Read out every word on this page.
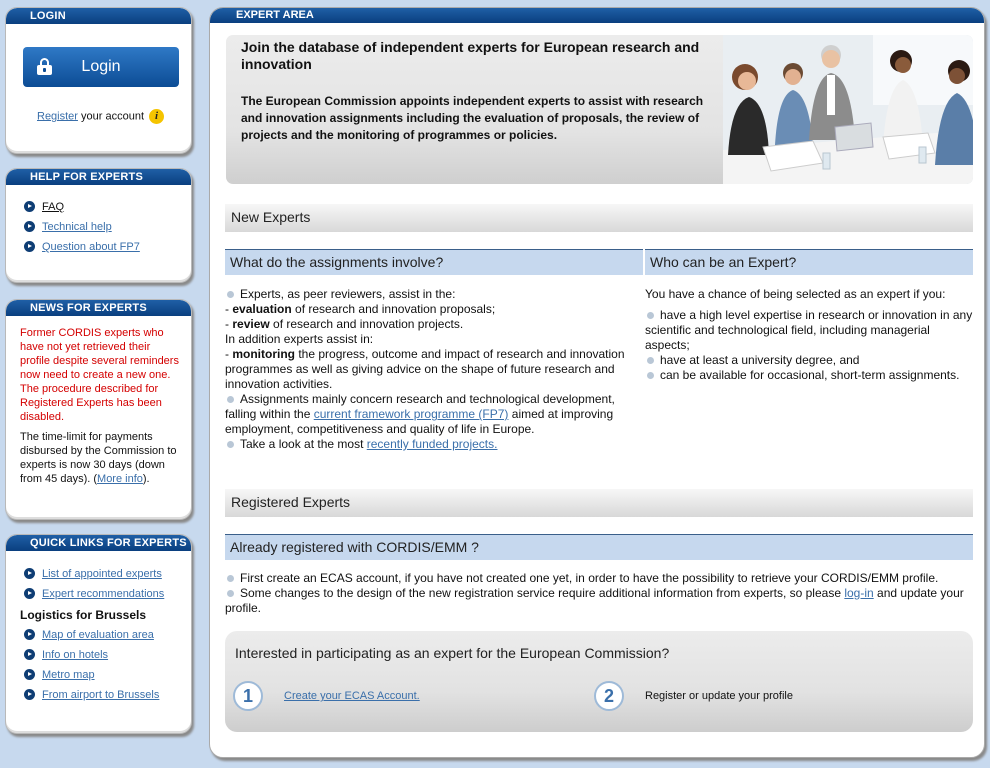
LOGIN
Login
Register your account i
HELP FOR EXPERTS
FAQ
Technical help
Question about FP7
NEWS FOR EXPERTS
Former CORDIS experts who have not yet retrieved their profile despite several reminders now need to create a new one. The procedure described for Registered Experts has been disabled.
The time-limit for payments disbursed by the Commission to experts is now 30 days (down from 45 days). (More info).
QUICK LINKS FOR EXPERTS
List of appointed experts
Expert recommendations
Logistics for Brussels
Map of evaluation area
Info on hotels
Metro map
From airport to Brussels
EXPERT AREA
Join the database of independent experts for European research and innovation
The European Commission appoints independent experts to assist with research and innovation assignments including the evaluation of proposals, the review of projects and the monitoring of programmes or policies.
New Experts
What do the assignments involve?	Who can be an Expert?
Experts, as peer reviewers, assist in the:
- evaluation of research and innovation proposals;
- review of research and innovation projects.
In addition experts assist in:
- monitoring the progress, outcome and impact of research and innovation programmes as well as giving advice on the shape of future research and innovation activities.
Assignments mainly concern research and technological development, falling within the current framework programme (FP7) aimed at improving employment, competitiveness and quality of life in Europe.
Take a look at the most recently funded projects.
You have a chance of being selected as an expert if you:
have a high level expertise in research or innovation in any scientific and technological field, including managerial aspects;
have at least a university degree, and
can be available for occasional, short-term assignments.
Registered Experts
Already registered with CORDIS/EMM ?
First create an ECAS account, if you have not created one yet, in order to have the possibility to retrieve your CORDIS/EMM profile.
Some changes to the design of the new registration service require additional information from experts, so please log-in and update your profile.
Interested in participating as an expert for the European Commission?
1	Create your ECAS Account.	2	Register or update your profile
